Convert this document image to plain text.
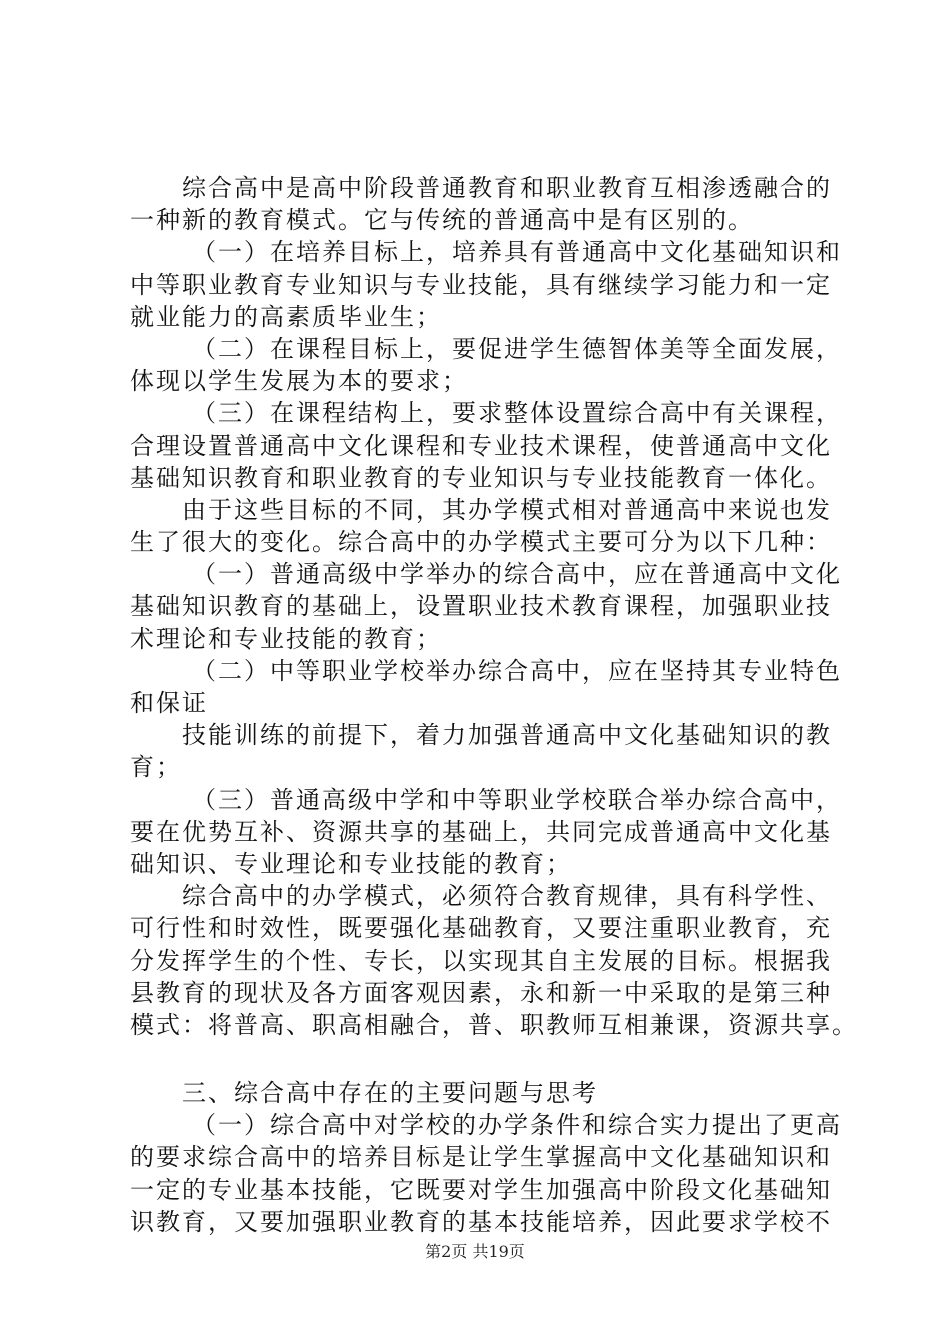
综合高中是高中阶段普通教育和职业教育互相渗透融合的
一种新的教育模式。它与传统的普通高中是有区别的。
（一）在培养目标上，培养具有普通高中文化基础知识和
中等职业教育专业知识与专业技能，具有继续学习能力和一定
就业能力的高素质毕业生；
（二）在课程目标上，要促进学生德智体美等全面发展，
体现以学生发展为本的要求；
（三）在课程结构上，要求整体设置综合高中有关课程，
合理设置普通高中文化课程和专业技术课程，使普通高中文化
基础知识教育和职业教育的专业知识与专业技能教育一体化。
由于这些目标的不同，其办学模式相对普通高中来说也发
生了很大的变化。综合高中的办学模式主要可分为以下几种：
（一）普通高级中学举办的综合高中，应在普通高中文化
基础知识教育的基础上，设置职业技术教育课程，加强职业技
术理论和专业技能的教育；
（二）中等职业学校举办综合高中，应在坚持其专业特色
和保证
技能训练的前提下，着力加强普通高中文化基础知识的教
育；
（三）普通高级中学和中等职业学校联合举办综合高中，
要在优势互补、资源共享的基础上，共同完成普通高中文化基
础知识、专业理论和专业技能的教育；
综合高中的办学模式，必须符合教育规律，具有科学性、
可行性和时效性，既要强化基础教育，又要注重职业教育，充
分发挥学生的个性、专长，以实现其自主发展的目标。根据我
县教育的现状及各方面客观因素，永和新一中采取的是第三种
模式：将普高、职高相融合，普、职教师互相兼课，资源共享。
三、综合高中存在的主要问题与思考
（一）综合高中对学校的办学条件和综合实力提出了更高
的要求综合高中的培养目标是让学生掌握高中文化基础知识和
一定的专业基本技能，它既要对学生加强高中阶段文化基础知
识教育，又要加强职业教育的基本技能培养，因此要求学校不
第2页 共19页
